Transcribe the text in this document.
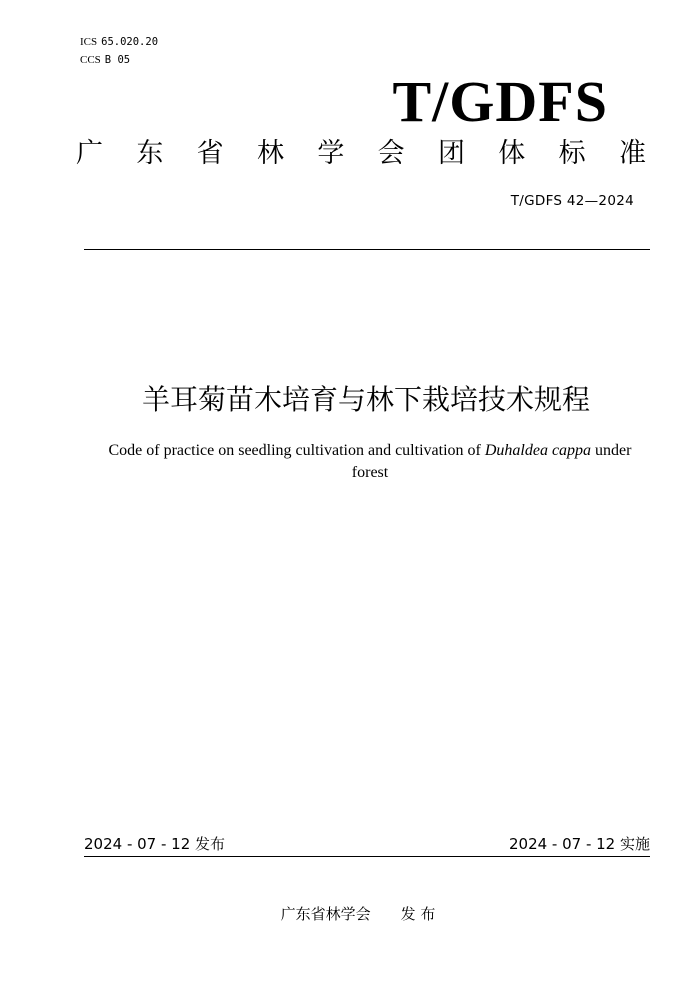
ICS 65.020.20
CCS B 05
T/GDFS
广 东 省 林 学 会 团 体 标 准
T/GDFS 42—2024
羊耳菊苗木培育与林下栽培技术规程
Code of practice on seedling cultivation and cultivation of Duhaldea cappa under forest
2024 - 07 - 12 发布	2024 - 07 - 12 实施
广东省林学会 发 布
